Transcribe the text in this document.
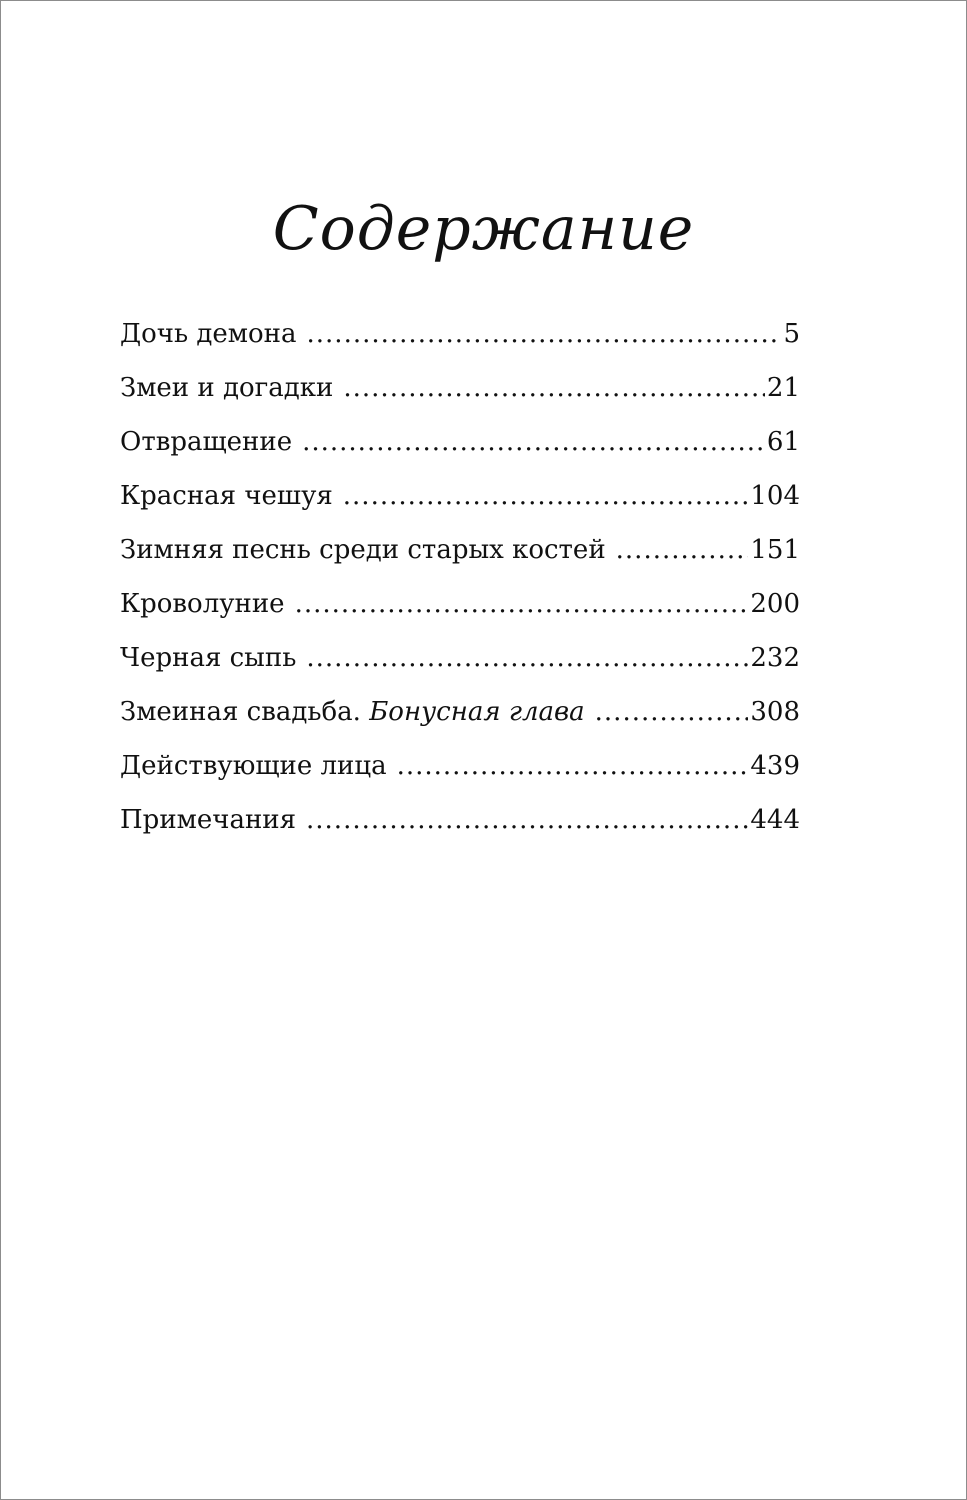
Содержание
Дочь демона .....	5
Змеи и догадки .....	21
Отвращение .....	61
Красная чешуя .....	104
Зимняя песнь среди старых костей .....	151
Кроволуние .....	200
Черная сыпь .....	232
Змеиная свадьба. Бонусная глава .....	308
Действующие лица .....	439
Примечания .....	444
